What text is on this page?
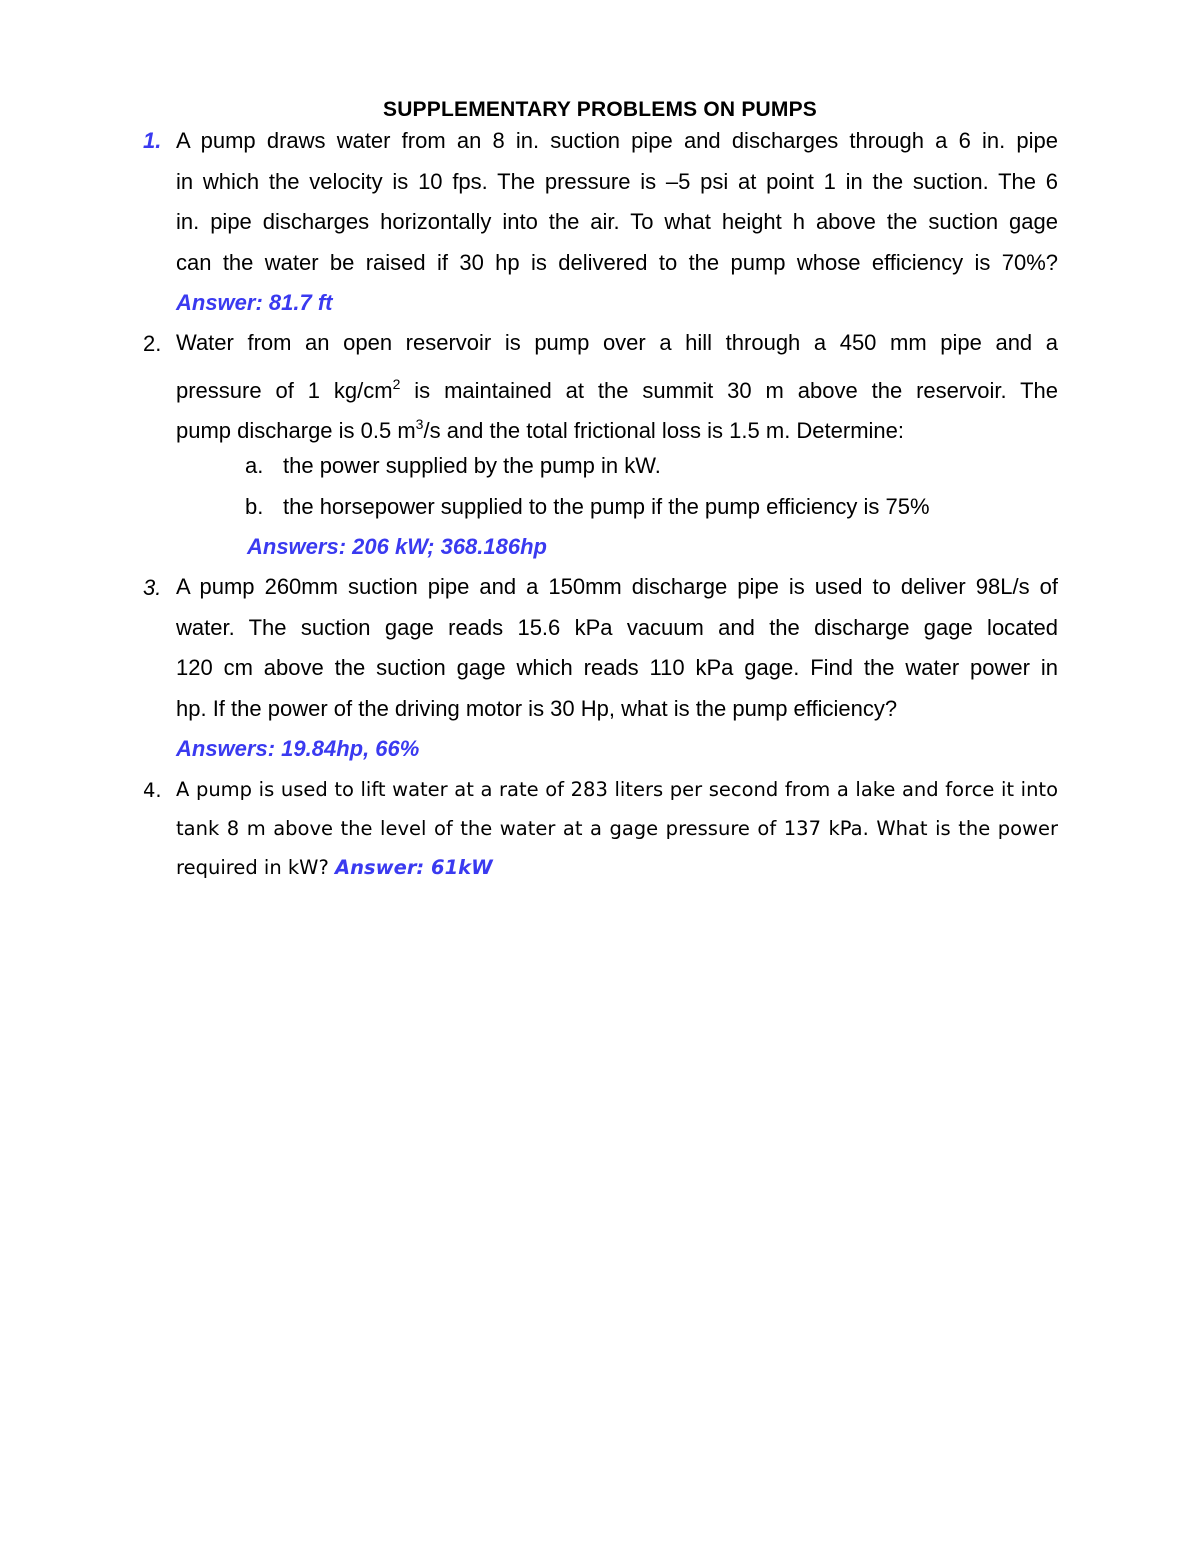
SUPPLEMENTARY PROBLEMS ON PUMPS
1. A pump draws water from an 8 in. suction pipe and discharges through a 6 in. pipe
in which the velocity is 10 fps. The pressure is –5 psi at point 1 in the suction. The 6
in. pipe discharges horizontally into the air. To what height h above the suction gage
can the water be raised if 30 hp is delivered to the pump whose efficiency is 70%?
Answer: 81.7 ft
2. Water from an open reservoir is pump over a hill through a 450 mm pipe and a
pressure of 1 $kg/cm^2$ is maintained at the summit 30 m above the reservoir. The
pump discharge is 0.5 $m^3/s$ and the total frictional loss is 1.5 m. Determine:
a. the power supplied by the pump in kW.
b. the horsepower supplied to the pump if the pump efficiency is 75%
Answers: 206 kW; 368.186hp
3. A pump 260mm suction pipe and a 150mm discharge pipe is used to deliver 98L/s of
water. The suction gage reads 15.6 kPa vacuum and the discharge gage located
120 cm above the suction gage which reads 110 kPa gage. Find the water power in
hp. If the power of the driving motor is 30 Hp, what is the pump efficiency?
Answers: 19.84hp, 66%
4. A pump is used to lift water at a rate of 283 liters per second from a lake and force it into
tank 8 m above the level of the water at a gage pressure of 137 kPa. What is the power
required in kW? Answer: 61kW
